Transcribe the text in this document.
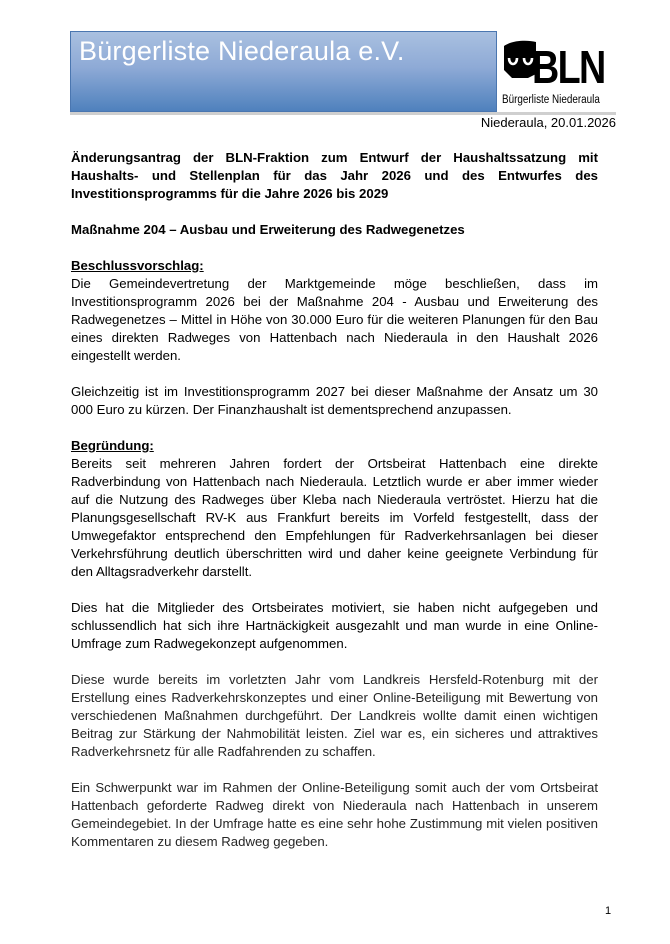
Bürgerliste Niederaula e.V.	BLN
Bürgerliste Niederaula
Niederaula, 20.01.2026

Änderungsantrag der BLN-Fraktion zum Entwurf der Haushaltssatzung mit Haushalts- und Stellenplan für das Jahr 2026 und des Entwurfes des Investitionsprogramms für die Jahre 2026 bis 2029

Maßnahme 204 – Ausbau und Erweiterung des Radwegenetzes

Beschlussvorschlag:

Die Gemeindevertretung der Marktgemeinde möge beschließen, dass im Investitionsprogramm 2026 bei der Maßnahme 204 - Ausbau und Erweiterung des Radwegenetzes – Mittel in Höhe von 30.000 Euro für die weiteren Planungen für den Bau eines direkten Radweges von Hattenbach nach Niederaula in den Haushalt 2026 eingestellt werden.

Gleichzeitig ist im Investitionsprogramm 2027 bei dieser Maßnahme der Ansatz um 30 000 Euro zu kürzen. Der Finanzhaushalt ist dementsprechend anzupassen.

Begründung:

Bereits seit mehreren Jahren fordert der Ortsbeirat Hattenbach eine direkte Radverbindung von Hattenbach nach Niederaula. Letztlich wurde er aber immer wieder auf die Nutzung des Radweges über Kleba nach Niederaula vertröstet. Hierzu hat die Planungsgesellschaft RV-K aus Frankfurt bereits im Vorfeld festgestellt, dass der Umwegefaktor entsprechend den Empfehlungen für Radverkehrsanlagen bei dieser Verkehrsführung deutlich überschritten wird und daher keine geeignete Verbindung für den Alltagsradverkehr darstellt.

Dies hat die Mitglieder des Ortsbeirates motiviert, sie haben nicht aufgegeben und schlussendlich hat sich ihre Hartnäckigkeit ausgezahlt und man wurde in eine Online-Umfrage zum Radwegekonzept aufgenommen.

Diese wurde bereits im vorletzten Jahr vom Landkreis Hersfeld-Rotenburg mit der Erstellung eines Radverkehrskonzeptes und einer Online-Beteiligung mit Bewertung von verschiedenen Maßnahmen durchgeführt. Der Landkreis wollte damit einen wichtigen Beitrag zur Stärkung der Nahmobilität leisten. Ziel war es, ein sicheres und attraktives Radverkehrsnetz für alle Radfahrenden zu schaffen.

Ein Schwerpunkt war im Rahmen der Online-Beteiligung somit auch der vom Ortsbeirat Hattenbach geforderte Radweg direkt von Niederaula nach Hattenbach in unserem Gemeindegebiet. In der Umfrage hatte es eine sehr hohe Zustimmung mit vielen positiven Kommentaren zu diesem Radweg gegeben.

1
